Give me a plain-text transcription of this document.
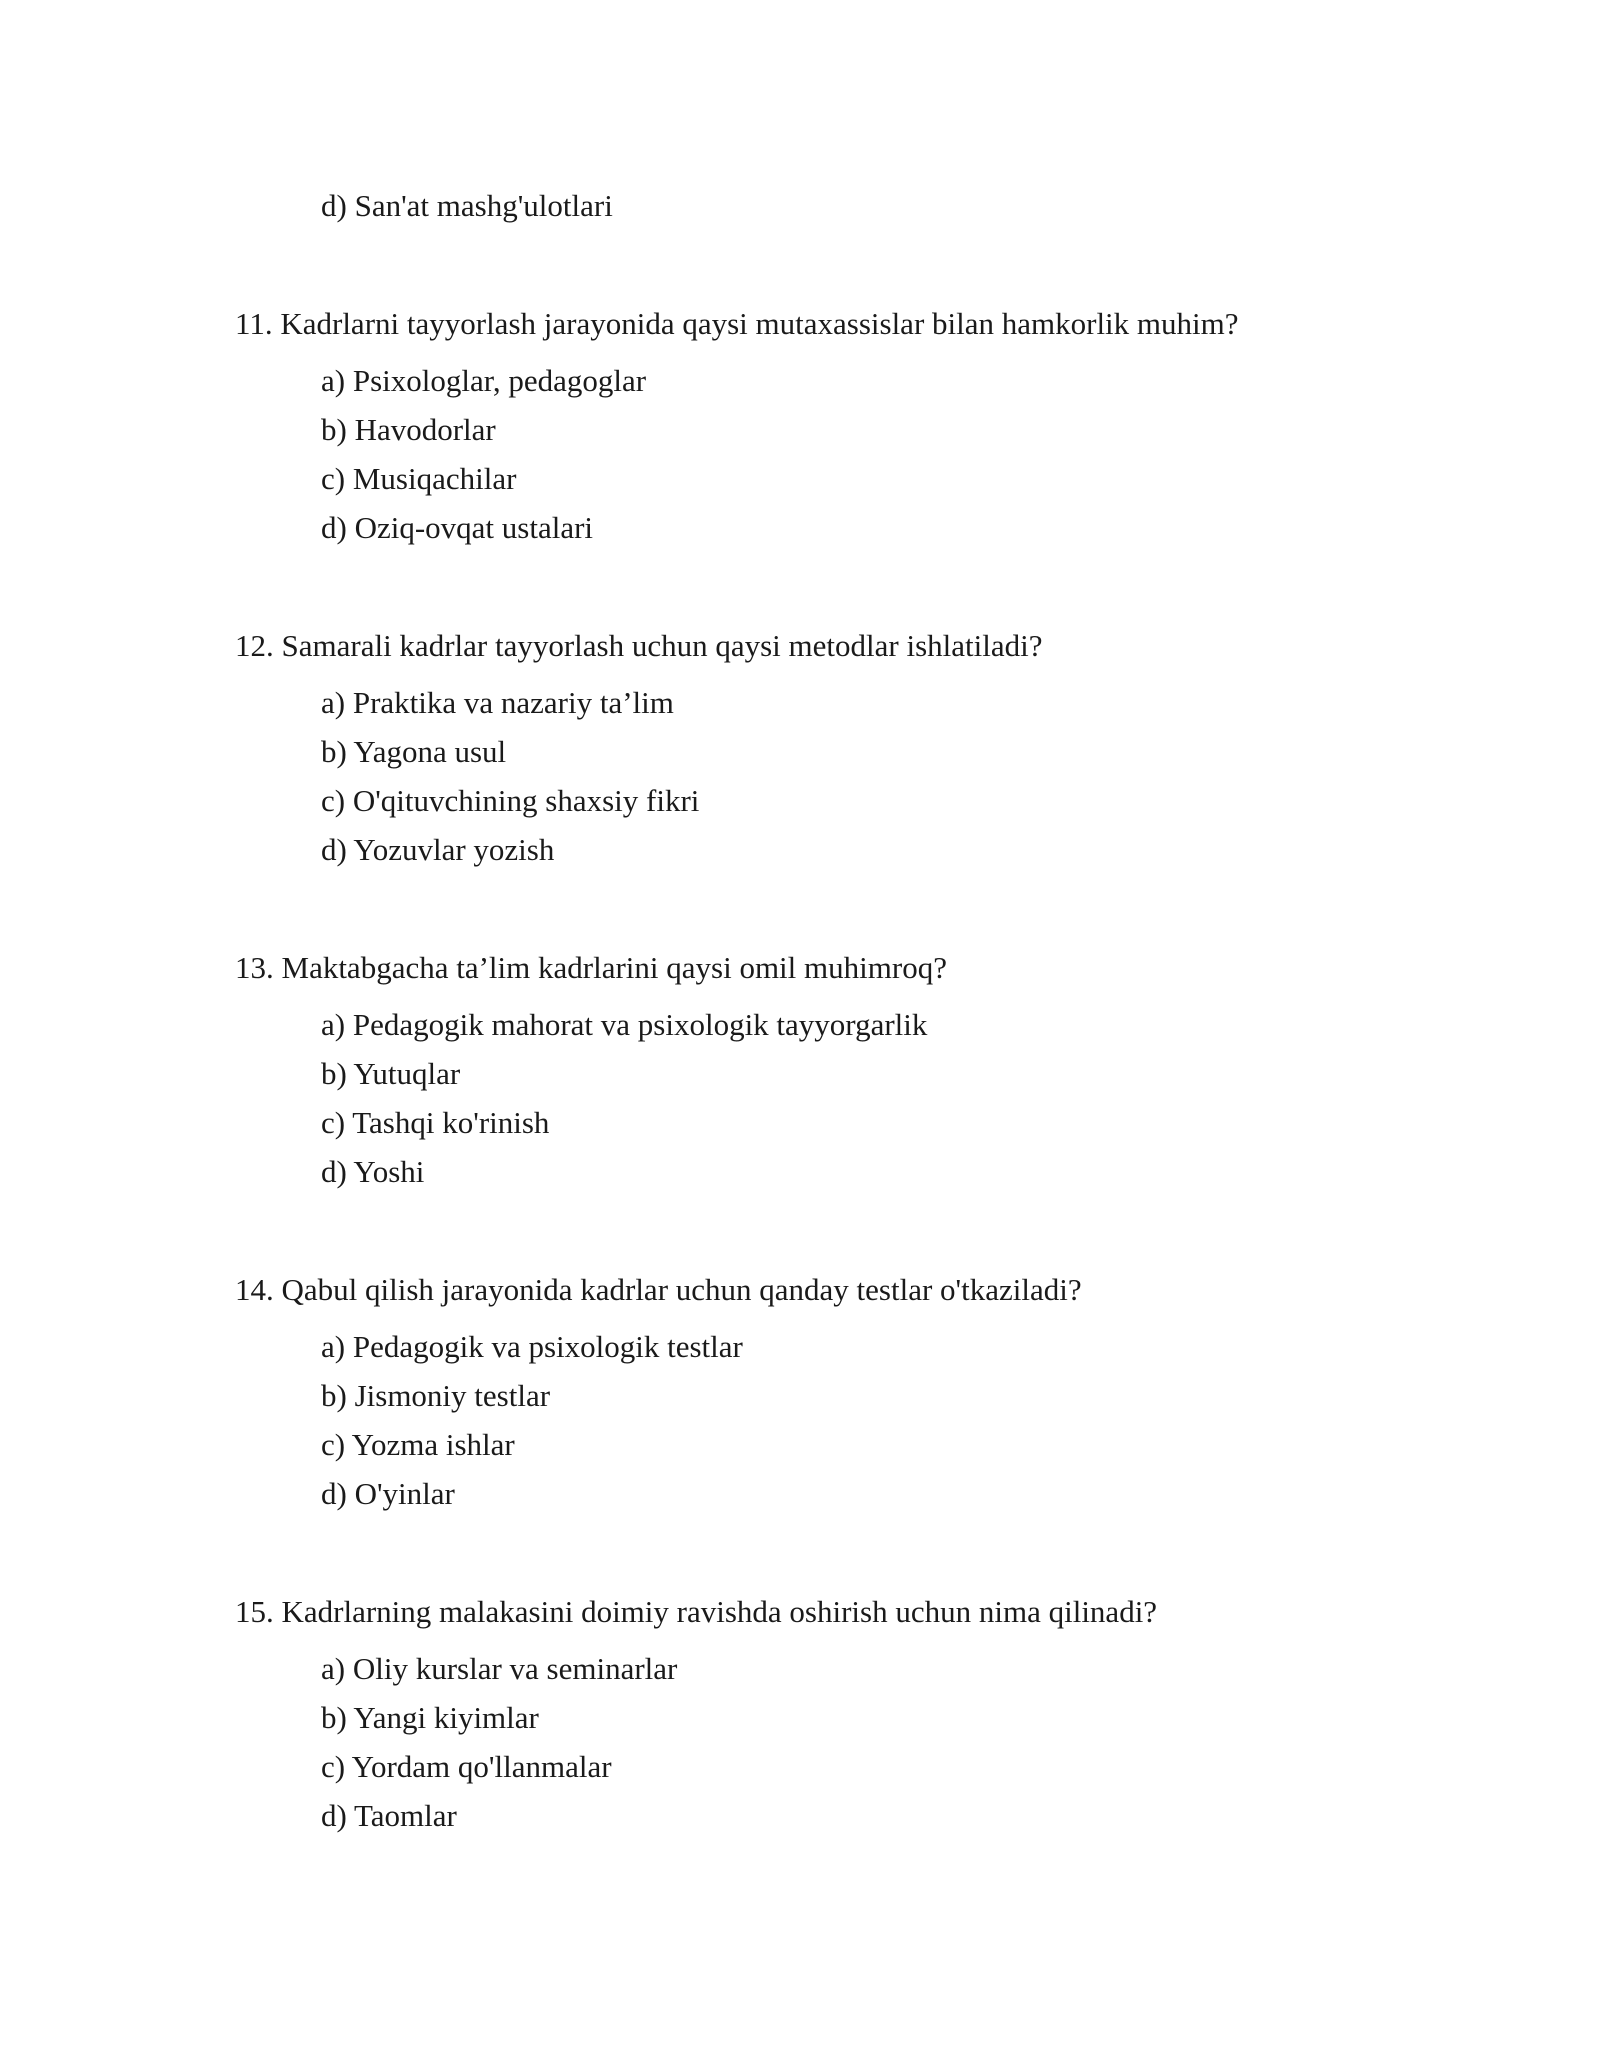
d) San'at mashg'ulotlari
11. Kadrlarni tayyorlash jarayonida qaysi mutaxassislar bilan hamkorlik muhim?
a) Psixologlar, pedagoglar
b) Havodorlar
c) Musiqachilar
d) Oziq-ovqat ustalari
12. Samarali kadrlar tayyorlash uchun qaysi metodlar ishlatiladi?
a) Praktika va nazariy ta’lim
b) Yagona usul
c) O'qituvchining shaxsiy fikri
d) Yozuvlar yozish
13. Maktabgacha ta’lim kadrlarini qaysi omil muhimroq?
a) Pedagogik mahorat va psixologik tayyorgarlik
b) Yutuqlar
c) Tashqi ko'rinish
d) Yoshi
14. Qabul qilish jarayonida kadrlar uchun qanday testlar o'tkaziladi?
a) Pedagogik va psixologik testlar
b) Jismoniy testlar
c) Yozma ishlar
d) O'yinlar
15. Kadrlarning malakasini doimiy ravishda oshirish uchun nima qilinadi?
a) Oliy kurslar va seminarlar
b) Yangi kiyimlar
c) Yordam qo'llanmalar
d) Taomlar
